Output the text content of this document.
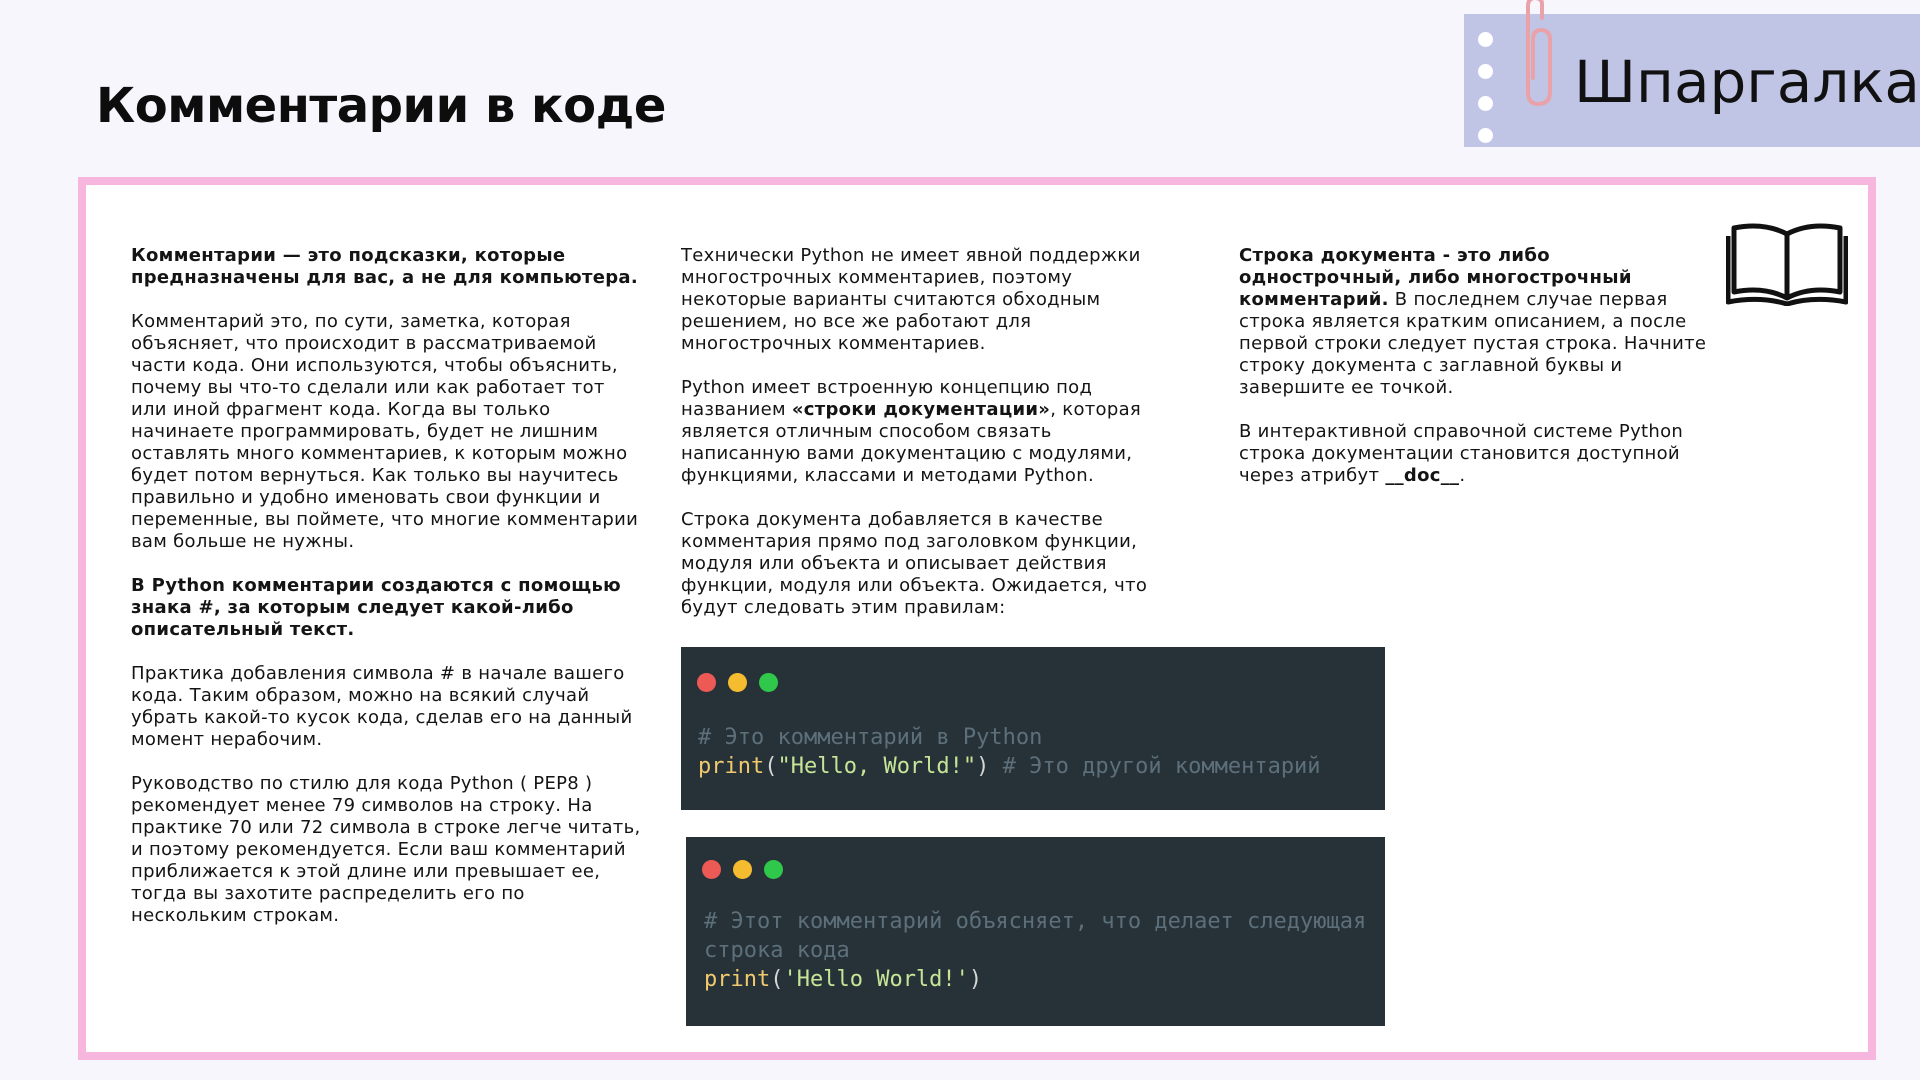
Комментарии в коде	Шпаргалка

Комментарии — это подсказки, которые предназначены для вас, а не для компьютера.

Комментарий это, по сути, заметка, которая объясняет, что происходит в рассматриваемой части кода. Они используются, чтобы объяснить, почему вы что-то сделали или как работает тот или иной фрагмент кода. Когда вы только начинаете программировать, будет не лишним оставлять много комментариев, к которым можно будет потом вернуться. Как только вы научитесь правильно и удобно именовать свои функции и переменные, вы поймете, что многие комментарии вам больше не нужны.

В Python комментарии создаются с помощью знака #, за которым следует какой-либо описательный текст.

Практика добавления символа # в начале вашего кода. Таким образом, можно на всякий случай убрать какой-то кусок кода, сделав его на данный момент нерабочим.

Руководство по стилю для кода Python ( PEP8 ) рекомендует менее 79 символов на строку. На практике 70 или 72 символа в строке легче читать, и поэтому рекомендуется. Если ваш комментарий приближается к этой длине или превышает ее, тогда вы захотите распределить его по нескольким строкам.

Технически Python не имеет явной поддержки многострочных комментариев, поэтому некоторые варианты считаются обходным решением, но все же работают для многострочных комментариев.

Python имеет встроенную концепцию под названием «строки документации», которая является отличным способом связать написанную вами документацию с модулями, функциями, классами и методами Python.

Строка документа добавляется в качестве комментария прямо под заголовком функции, модуля или объекта и описывает действия функции, модуля или объекта. Ожидается, что будут следовать этим правилам:

Строка документа - это либо однострочный, либо многострочный комментарий. В последнем случае первая строка является кратким описанием, а после первой строки следует пустая строка. Начните строку документа с заглавной буквы и завершите ее точкой.

В интерактивной справочной системе Python строка документации становится доступной через атрибут __doc__.

# Это комментарий в Python
print("Hello, World!") # Это другой комментарий
# Этот комментарий объясняет, что делает следующая
строка кода
print('Hello World!')
